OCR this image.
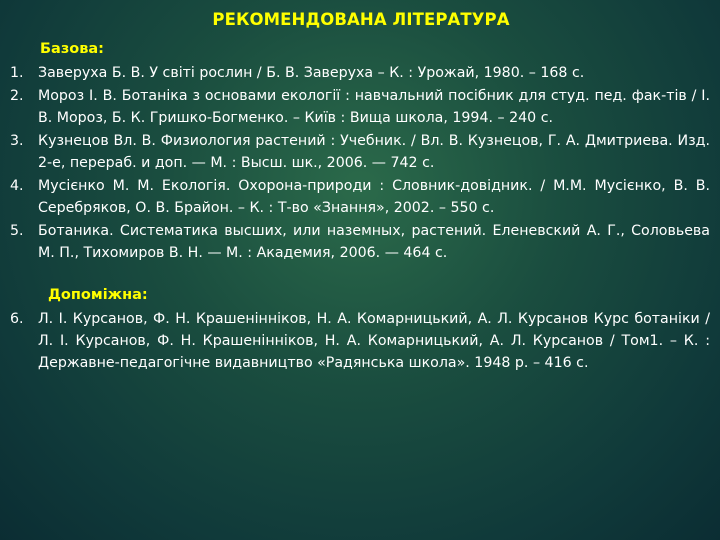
РЕКОМЕНДОВАНА ЛІТЕРАТУРА
Базова:
1.	Заверуха Б. В. У світі рослин / Б. В. Заверуха – К. : Урожай, 1980. – 168 с.
2.	Мороз І. В. Ботаніка з основами екології : навчальний посібник для студ. пед. фак-тів / І. В. Мороз, Б. К. Гришко-Богменко. – Київ : Вища школа, 1994. – 240 с.
3.	Кузнецов Вл. В. Физиология растений : Учебник. / Вл. В. Кузнецов, Г. А. Дмитриева. Изд. 2-е, перераб. и доп. — М. : Высш. шк., 2006. — 742 с.
4.	Мусієнко М. М. Екологія. Охорона-природи : Словник-довідник. / М.М. Мусієнко, В. В. Серебряков, О. В. Брайон. – К. : Т-во «Знання», 2002. – 550 с.
5.	Ботаника. Систематика высших, или наземных, растений. Еленевский А. Г., Соловьева М. П., Тихомиров В. Н. — М. : Академия, 2006. — 464 с.
Допоміжна:
6.	Л. І. Курсанов, Ф. Н. Крашенінніков, Н. А. Комарницький, А. Л. Курсанов Курс ботаніки / Л. І. Курсанов, Ф. Н. Крашенінніков, Н. А. Комарницький, А. Л. Курсанов / Том1. – К. : Державне-педагогічне видавництво «Радянська школа». 1948 р. – 416 с.
